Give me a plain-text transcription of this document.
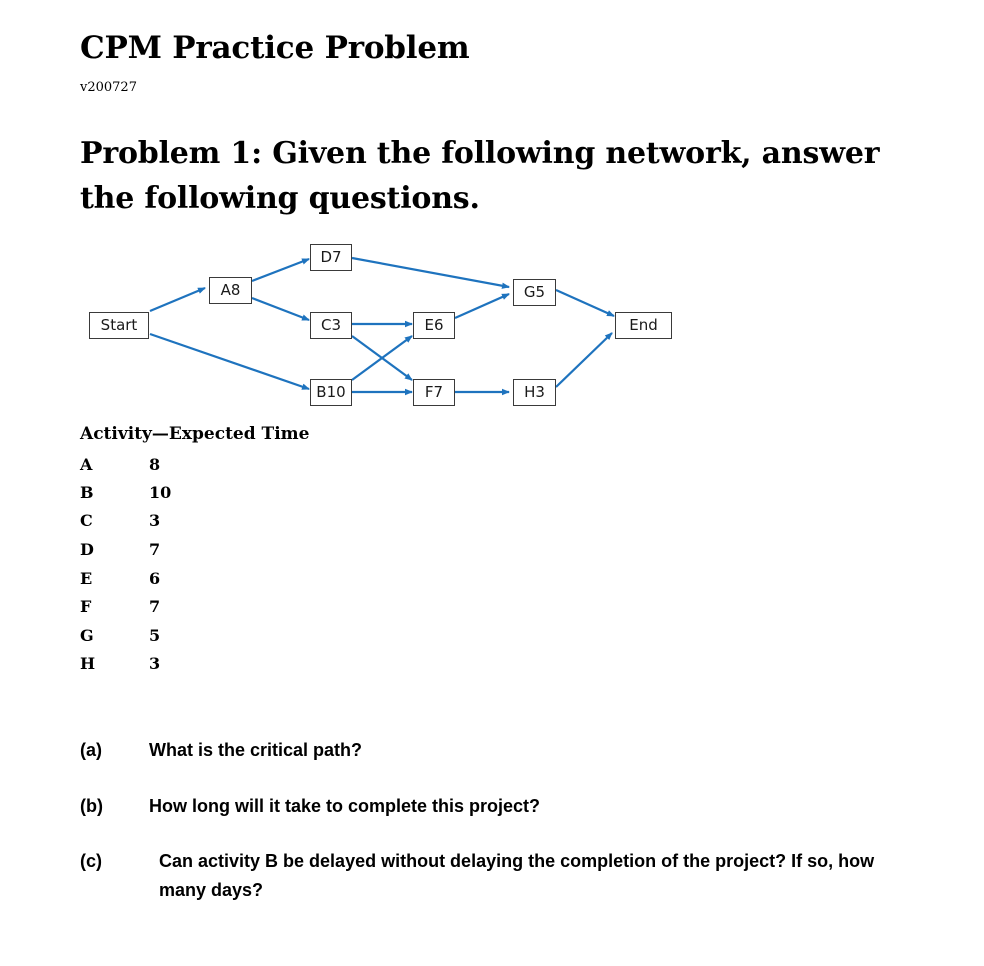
CPM Practice Problem
v200727
Problem 1: Given the following network, answer the following questions.
Start
A8
D7
C3
B10
E6
F7
G5
H3
End
Activity—Expected Time
A	8
B	10
C	3
D	7
E	6
F	7
G	5
H	3
(a)	What is the critical path?
(b)	How long will it take to complete this project?
(c)	Can activity B be delayed without delaying the completion of the project? If so, how many days?
